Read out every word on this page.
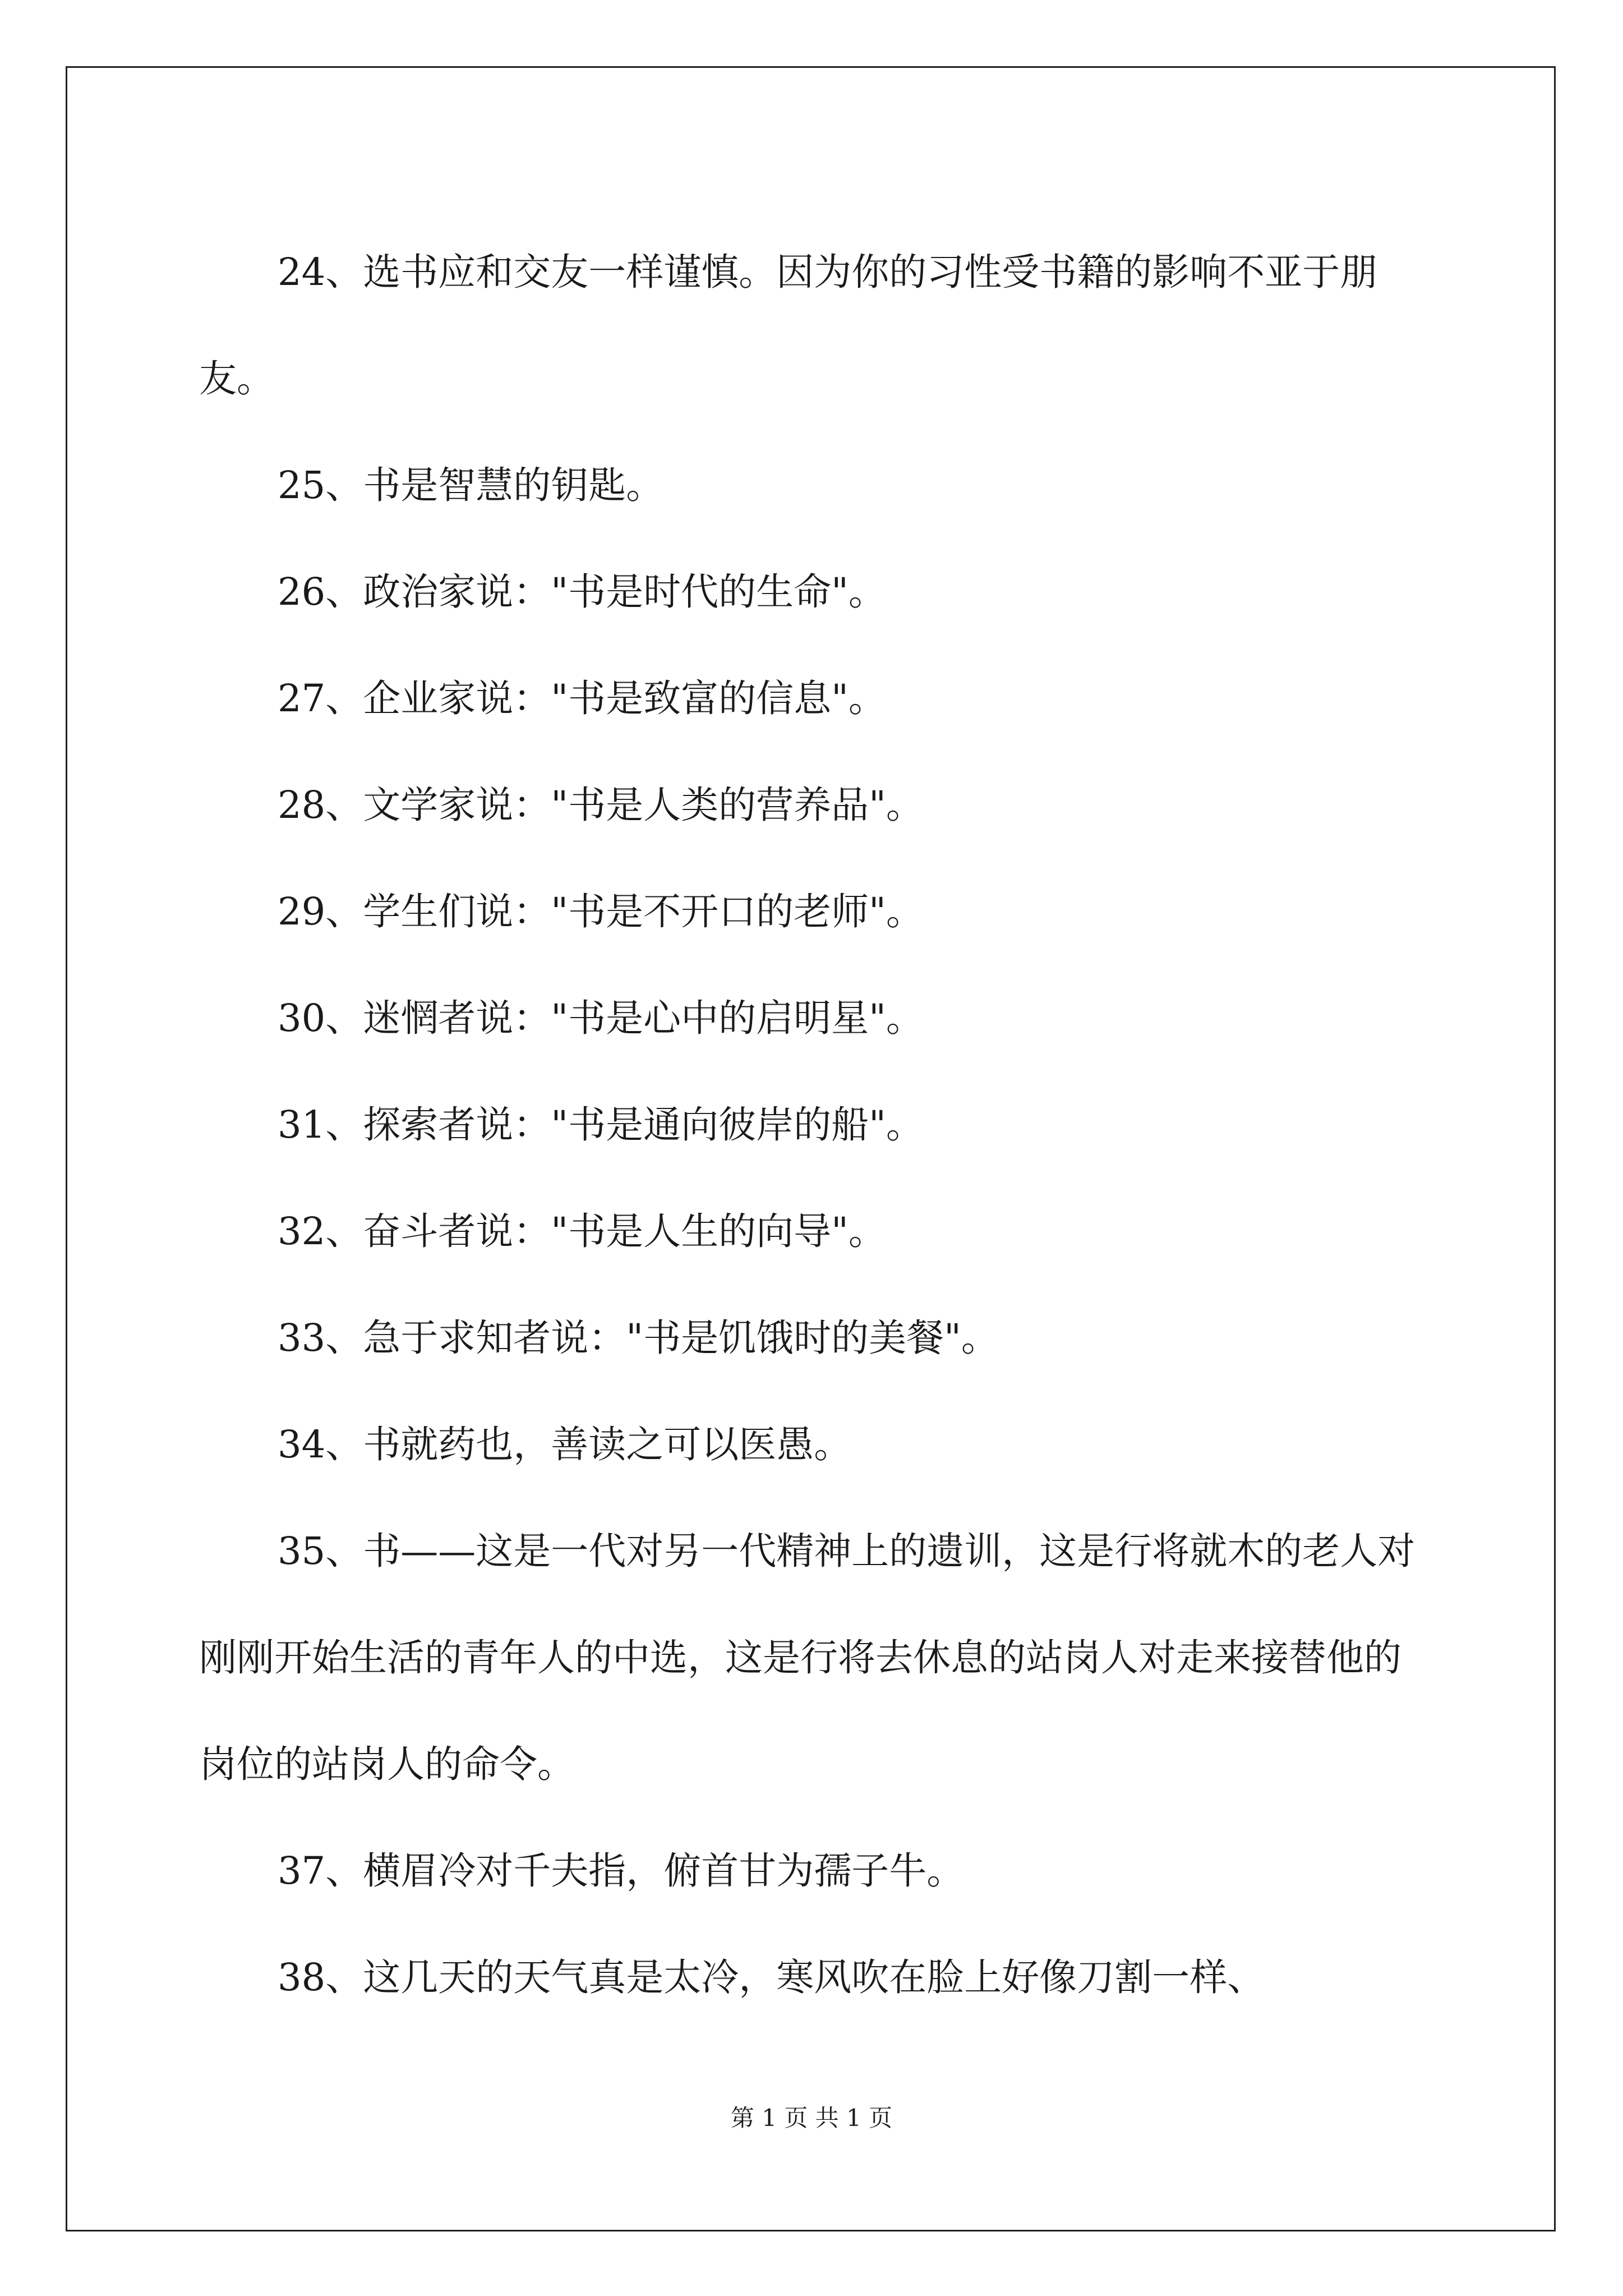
24、选书应和交友一样谨慎。因为你的习性受书籍的影响不亚于朋友。

25、书是智慧的钥匙。

26、政治家说："书是时代的生命"。

27、企业家说："书是致富的信息"。

28、文学家说："书是人类的营养品"。

29、学生们说："书是不开口的老师"。

30、迷惘者说："书是心中的启明星"。

31、探索者说："书是通向彼岸的船"。

32、奋斗者说："书是人生的向导"。

33、急于求知者说："书是饥饿时的美餐"。

34、书就药也，善读之可以医愚。

35、书——这是一代对另一代精神上的遗训，这是行将就木的老人对刚刚开始生活的青年人的中选，这是行将去休息的站岗人对走来接替他的岗位的站岗人的命令。

37、横眉冷对千夫指，俯首甘为孺子牛。

38、这几天的天气真是太冷，寒风吹在脸上好像刀割一样、

第 1 页 共 1 页
